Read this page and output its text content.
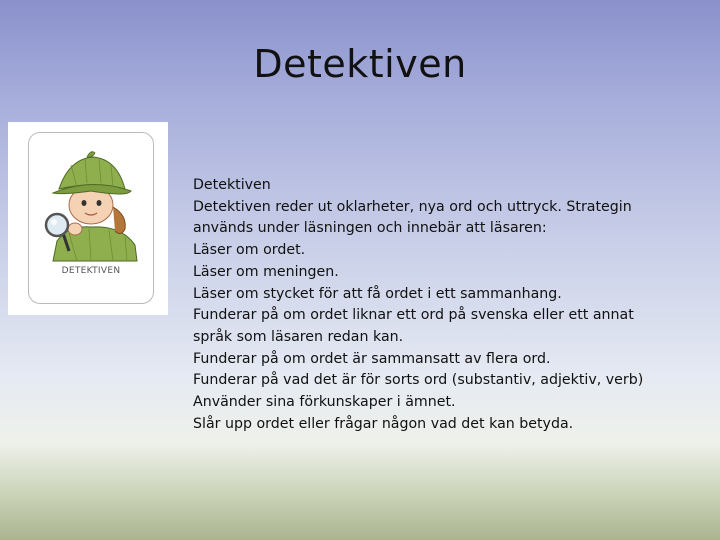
Detektiven
DETEKTIVEN
Detektiven
Detektiven reder ut oklarheter, nya ord och uttryck. Strategin
används under läsningen och innebär att läsaren:
Läser om ordet.
Läser om meningen.
Läser om stycket för att få ordet i ett sammanhang.
Funderar på om ordet liknar ett ord på svenska eller ett annat
språk som läsaren redan kan.
Funderar på om ordet är sammansatt av flera ord.
Funderar på vad det är för sorts ord (substantiv, adjektiv, verb)
Använder sina förkunskaper i ämnet.
Slår upp ordet eller frågar någon vad det kan betyda.
